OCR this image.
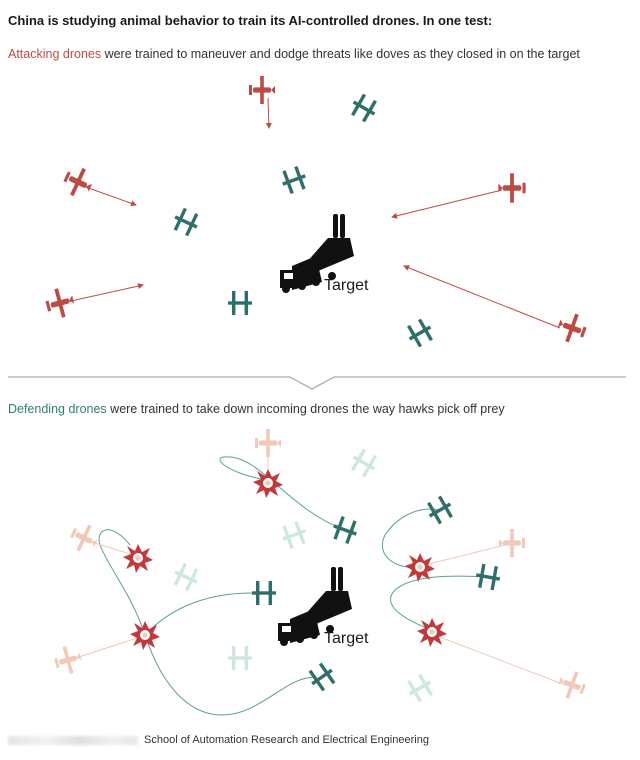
China is studying animal behavior to train its AI-controlled drones. In one test:
Attacking drones were trained to maneuver and dodge threats like doves as they closed in on the target
Target
Defending drones were trained to take down incoming drones the way hawks pick off prey
Target
School of Automation Research and Electrical Engineering
